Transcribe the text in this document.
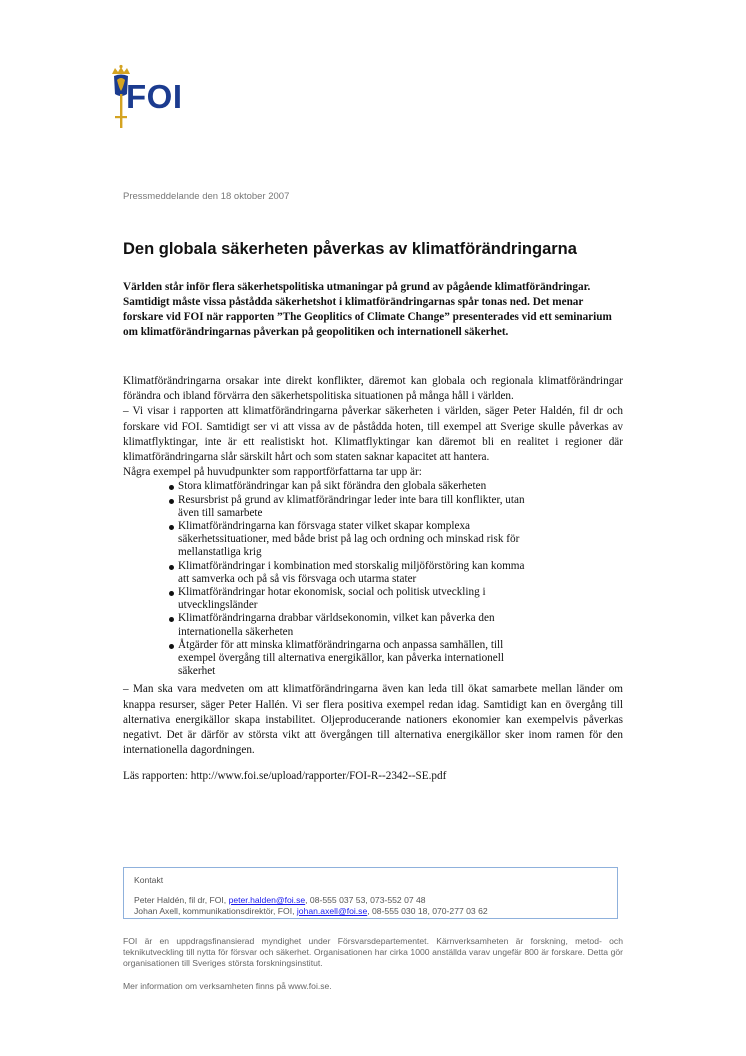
FOI
Pressmeddelande den 18 oktober 2007
Den globala säkerheten påverkas av klimatförändringarna

Världen står inför flera säkerhetspolitiska utmaningar på grund av pågående klimatförändringar. Samtidigt måste vissa påstådda säkerhetshot i klimatförändringarnas spår tonas ned. Det menar forskare vid FOI när rapporten ”The Geoplitics of Climate Change” presenterades vid ett seminarium om klimatförändringarnas påverkan på geopolitiken och internationell säkerhet.

Klimatförändringarna orsakar inte direkt konflikter, däremot kan globala och regionala klimatförändringar förändra och ibland förvärra den säkerhetspolitiska situationen på många håll i världen.

– Vi visar i rapporten att klimatförändringarna påverkar säkerheten i världen, säger Peter Haldén, fil dr och forskare vid FOI. Samtidigt ser vi att vissa av de påstådda hoten, till exempel att Sverige skulle påverkas av klimatflyktingar, inte är ett realistiskt hot. Klimatflyktingar kan däremot bli en realitet i regioner där klimatförändringarna slår särskilt hårt och som staten saknar kapacitet att hantera.

Några exempel på huvudpunkter som rapportförfattarna tar upp är:

Stora klimatförändringar kan på sikt förändra den globala säkerheten
Resursbrist på grund av klimatförändringar leder inte bara till konflikter, utan även till samarbete
Klimatförändringarna kan försvaga stater vilket skapar komplexa säkerhetssituationer, med både brist på lag och ordning och minskad risk för mellanstatliga krig
Klimatförändringar i kombination med storskalig miljöförstöring kan komma att samverka och på så vis försvaga och utarma stater
Klimatförändringar hotar ekonomisk, social och politisk utveckling i utvecklingsländer
Klimatförändringarna drabbar världsekonomin, vilket kan påverka den internationella säkerheten
Åtgärder för att minska klimatförändringarna och anpassa samhällen, till exempel övergång till alternativa energikällor, kan påverka internationell säkerhet

– Man ska vara medveten om att klimatförändringarna även kan leda till ökat samarbete mellan länder om knappa resurser, säger Peter Hallén. Vi ser flera positiva exempel redan idag. Samtidigt kan en övergång till alternativa energikällor skapa instabilitet. Oljeproducerande nationers ekonomier kan exempelvis påverkas negativt. Det är därför av största vikt att övergången till alternativa energikällor sker inom ramen för den internationella dagordningen.

Läs rapporten: http://www.foi.se/upload/rapporter/FOI-R--2342--SE.pdf

Kontakt
Peter Haldén, fil dr, FOI, peter.halden@foi.se, 08-555 037 53, 073-552 07 48
Johan Axell, kommunikationsdirektör, FOI, johan.axell@foi.se, 08-555 030 18, 070-277 03 62

FOI är en uppdragsfinansierad myndighet under Försvarsdepartementet. Kärnverksamheten är forskning, metod- och teknikutveckling till nytta för försvar och säkerhet. Organisationen har cirka 1000 anställda varav ungefär 800 är forskare. Detta gör organisationen till Sveriges största forskningsinstitut.

Mer information om verksamheten finns på www.foi.se.
